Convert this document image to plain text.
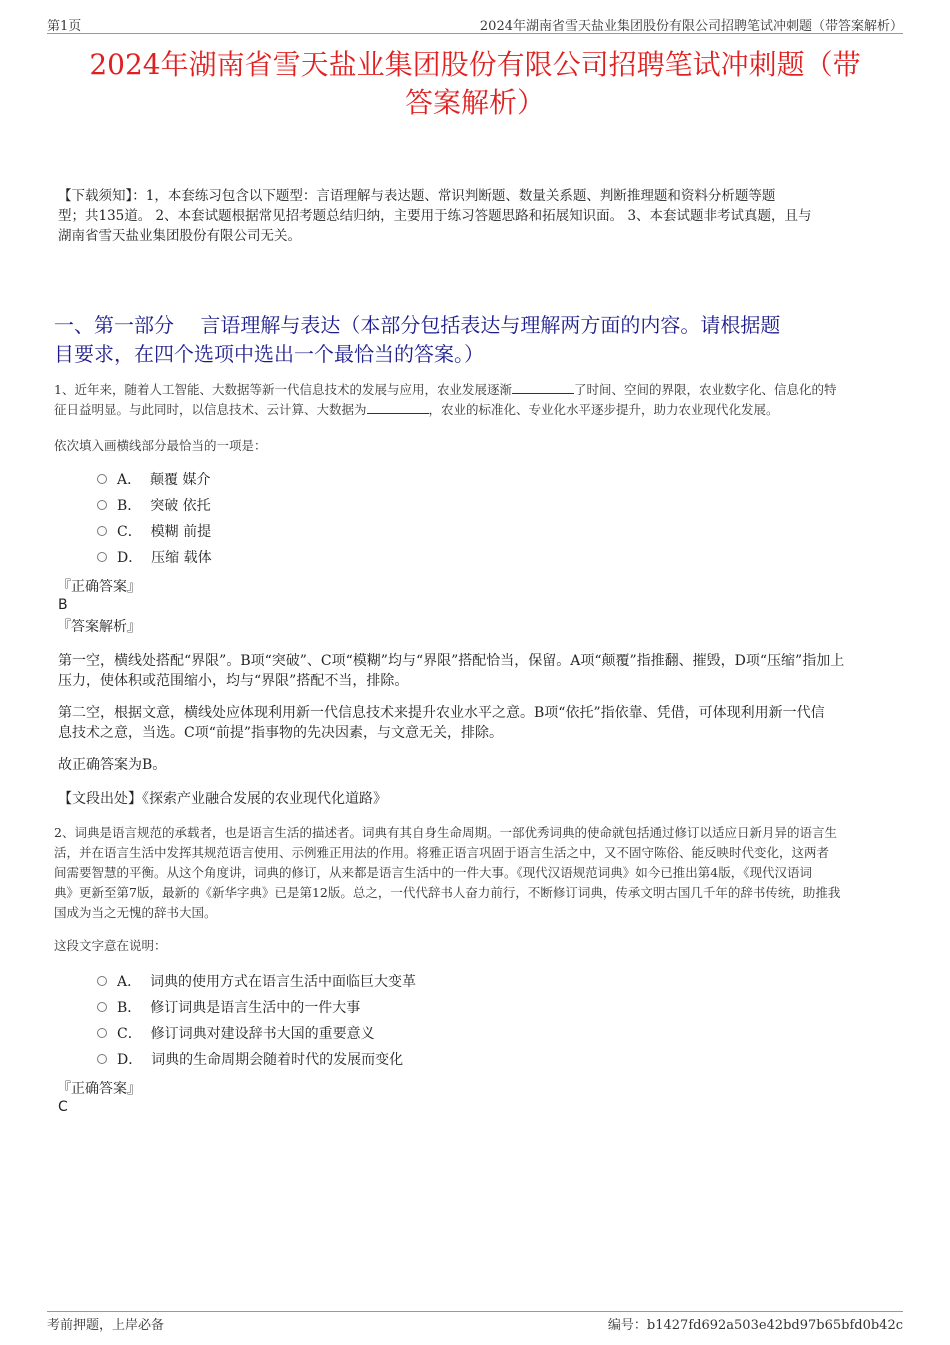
第1页	2024年湖南省雪天盐业集团股份有限公司招聘笔试冲刺题（带答案解析）
2024年湖南省雪天盐业集团股份有限公司招聘笔试冲刺题（带
答案解析）
【下载须知】：1，本套练习包含以下题型：言语理解与表达题、常识判断题、数量关系题、判断推理题和资料分析题等题
型；共135道。 2、本套试题根据常见招考题总结归纳，主要用于练习答题思路和拓展知识面。 3、本套试题非考试真题，且与
湖南省雪天盐业集团股份有限公司无关。
一、第一部分　 言语理解与表达（本部分包括表达与理解两方面的内容。请根据题
目要求，在四个选项中选出一个最恰当的答案。）
1、近年来，随着人工智能、大数据等新一代信息技术的发展与应用，农业发展逐渐	了时间、空间的界限，农业数字化、信息化的特
征日益明显。与此同时，以信息技术、云计算、大数据为	，农业的标准化、专业化水平逐步提升，助力农业现代化发展。
依次填入画横线部分最恰当的一项是：
A． 颠覆 媒介
B． 突破 依托
C． 模糊 前提
D． 压缩 载体
『正确答案』
B
『答案解析』
第一空，横线处搭配“界限”。B项“突破”、C项“模糊”均与“界限”搭配恰当，保留。A项“颠覆”指推翻、摧毁，D项“压缩”指加上
压力，使体积或范围缩小，均与“界限”搭配不当，排除。
第二空，根据文意，横线处应体现利用新一代信息技术来提升农业水平之意。B项“依托”指依靠、凭借，可体现利用新一代信
息技术之意，当选。C项“前提”指事物的先决因素，与文意无关，排除。
故正确答案为B。
【文段出处】《探索产业融合发展的农业现代化道路》
2、词典是语言规范的承载者，也是语言生活的描述者。词典有其自身生命周期。一部优秀词典的使命就包括通过修订以适应日新月异的语言生
活，并在语言生活中发挥其规范语言使用、示例雅正用法的作用。将雅正语言巩固于语言生活之中，又不固守陈俗、能反映时代变化，这两者
间需要智慧的平衡。从这个角度讲，词典的修订，从来都是语言生活中的一件大事。《现代汉语规范词典》如今已推出第4版，《现代汉语词
典》更新至第7版，最新的《新华字典》已是第12版。总之，一代代辞书人奋力前行，不断修订词典，传承文明古国几千年的辞书传统，助推我
国成为当之无愧的辞书大国。
这段文字意在说明：
A． 词典的使用方式在语言生活中面临巨大变革
B． 修订词典是语言生活中的一件大事
C． 修订词典对建设辞书大国的重要意义
D． 词典的生命周期会随着时代的发展而变化
『正确答案』
C
考前押题，上岸必备	编号：b1427fd692a503e42bd97b65bfd0b42c
